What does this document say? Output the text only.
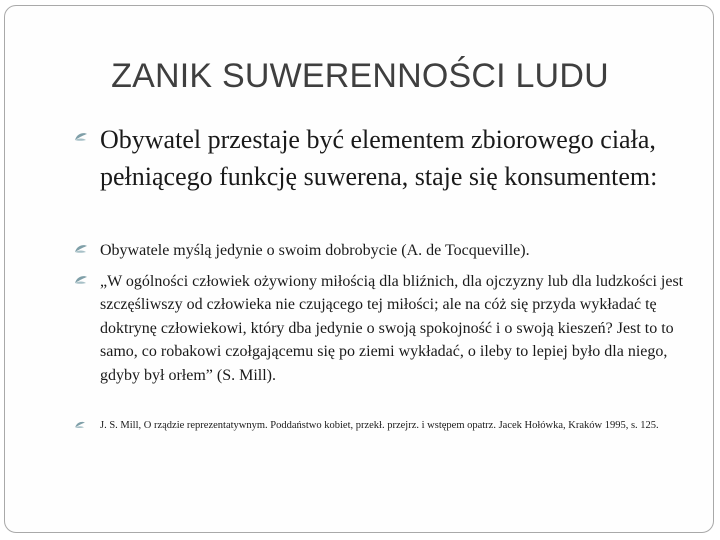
ZANIK SUWERENNOŚCI LUDU
Obywatel przestaje być elementem zbiorowego ciała, pełniącego funkcję suwerena, staje się konsumentem:
Obywatele myślą jedynie o swoim dobrobycie (A. de Tocqueville).
„W ogólności człowiek ożywiony miłością dla bliźnich, dla ojczyzny lub dla ludzkości jest szczęśliwszy od człowieka nie czującego tej miłości; ale na cóż się przyda wykładać tę doktrynę człowiekowi, który dba jedynie o swoją spokojność i o swoją kieszeń? Jest to to samo, co robakowi czołgającemu się po ziemi wykładać, o ileby to lepiej było dla niego, gdyby był orłem” (S. Mill).
J. S. Mill, O rządzie reprezentatywnym. Poddaństwo kobiet, przekł. przejrz. i wstępem opatrz. Jacek Hołówka, Kraków 1995, s. 125.
